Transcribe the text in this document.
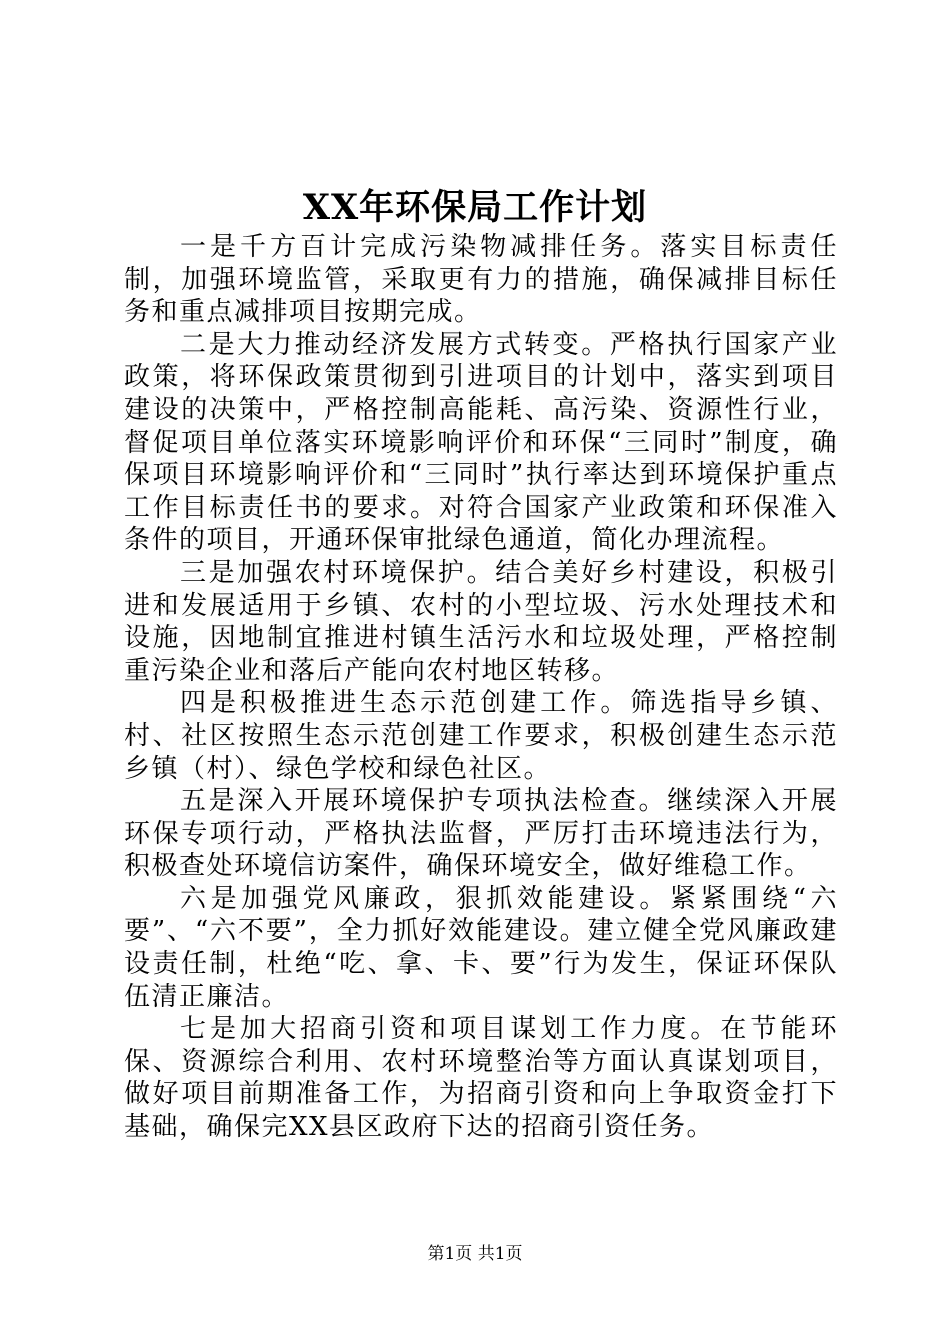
XX年环保局工作计划

一是千方百计完成污染物减排任务。落实目标责任制，加强环境监管，采取更有力的措施，确保减排目标任务和重点减排项目按期完成。

二是大力推动经济发展方式转变。严格执行国家产业政策，将环保政策贯彻到引进项目的计划中，落实到项目建设的决策中，严格控制高能耗、高污染、资源性行业，督促项目单位落实环境影响评价和环保“三同时”制度，确保项目环境影响评价和“三同时”执行率达到环境保护重点工作目标责任书的要求。对符合国家产业政策和环保准入条件的项目，开通环保审批绿色通道，简化办理流程。

三是加强农村环境保护。结合美好乡村建设，积极引进和发展适用于乡镇、农村的小型垃圾、污水处理技术和设施，因地制宜推进村镇生活污水和垃圾处理，严格控制重污染企业和落后产能向农村地区转移。

四是积极推进生态示范创建工作。筛选指导乡镇、村、社区按照生态示范创建工作要求，积极创建生态示范乡镇（村）、绿色学校和绿色社区。

五是深入开展环境保护专项执法检查。继续深入开展环保专项行动，严格执法监督，严厉打击环境违法行为，积极查处环境信访案件，确保环境安全，做好维稳工作。

六是加强党风廉政，狠抓效能建设。紧紧围绕“六要”、“六不要”，全力抓好效能建设。建立健全党风廉政建设责任制，杜绝“吃、拿、卡、要”行为发生，保证环保队伍清正廉洁。

七是加大招商引资和项目谋划工作力度。在节能环保、资源综合利用、农村环境整治等方面认真谋划项目，做好项目前期准备工作，为招商引资和向上争取资金打下基础，确保完XX县区政府下达的招商引资任务。

第1页 共1页
